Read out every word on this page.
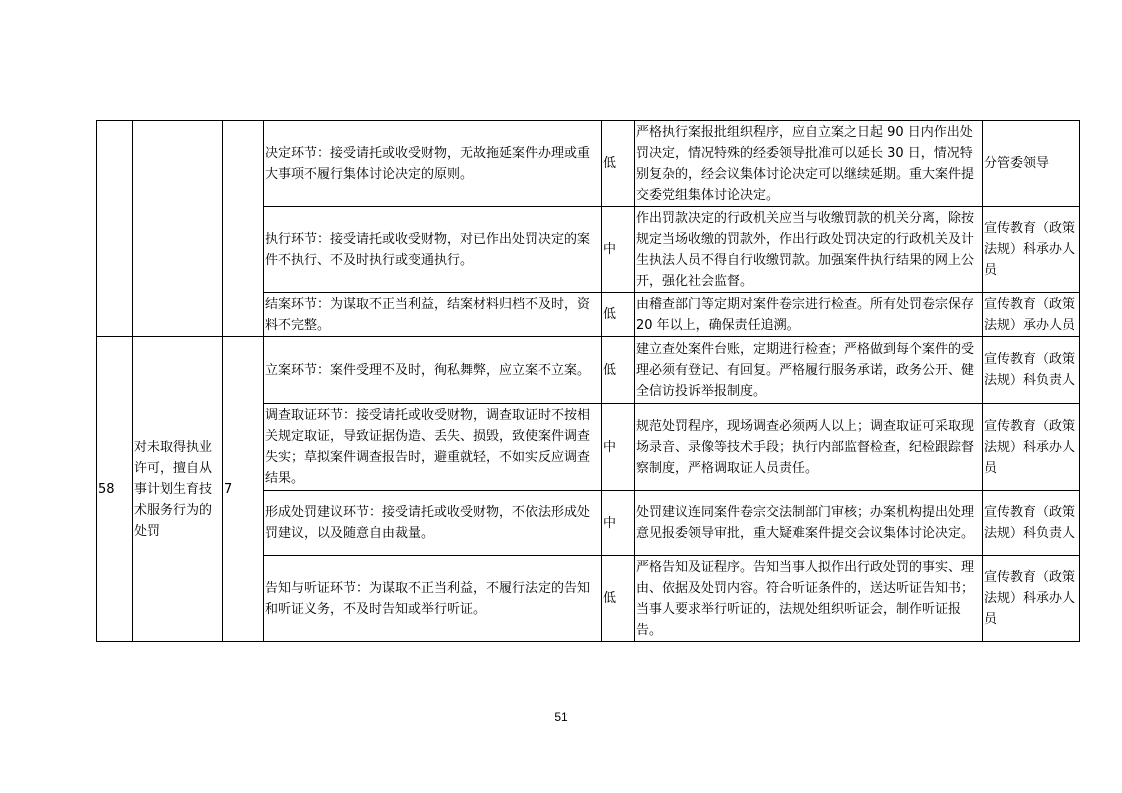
			决定环节：接受请托或收受财物，无故拖延案件办理或重大事项不履行集体讨论决定的原则。	低	严格执行案报批组织程序，应自立案之日起 90 日内作出处罚决定，情况特殊的经委领导批准可以延长 30 日，情况特别复杂的，经会议集体讨论决定可以继续延期。重大案件提交委党组集体讨论决定。	分管委领导
			执行环节：接受请托或收受财物，对已作出处罚决定的案件不执行、不及时执行或变通执行。	中	作出罚款决定的行政机关应当与收缴罚款的机关分离，除按规定当场收缴的罚款外，作出行政处罚决定的行政机关及计生执法人员不得自行收缴罚款。加强案件执行结果的网上公开，强化社会监督。	宣传教育（政策法规）科承办人员
			结案环节：为谋取不正当利益，结案材料归档不及时，资料不完整。	低	由稽查部门等定期对案件卷宗进行检查。所有处罚卷宗保存 20 年以上，确保责任追溯。	宣传教育（政策法规）承办人员
58	对未取得执业许可，擅自从事计划生育技术服务行为的处罚	7	立案环节：案件受理不及时，徇私舞弊，应立案不立案。	低	建立查处案件台账，定期进行检查；严格做到每个案件的受理必须有登记、有回复。严格履行服务承诺，政务公开、健全信访投诉举报制度。	宣传教育（政策法规）科负责人
			调查取证环节：接受请托或收受财物，调查取证时不按相关规定取证，导致证据伪造、丢失、损毁，致使案件调查失实；草拟案件调查报告时，避重就轻，不如实反应调查结果。	中	规范处罚程序，现场调查必须两人以上；调查取证可采取现场录音、录像等技术手段；执行内部监督检查，纪检跟踪督察制度，严格调取证人员责任。	宣传教育（政策法规）科承办人员
			形成处罚建议环节：接受请托或收受财物，不依法形成处罚建议，以及随意自由裁量。	中	处罚建议连同案件卷宗交法制部门审核；办案机构提出处理意见报委领导审批，重大疑难案件提交会议集体讨论决定。	宣传教育（政策法规）科负责人
			告知与听证环节：为谋取不正当利益，不履行法定的告知和听证义务，不及时告知或举行听证。	低	严格告知及证程序。告知当事人拟作出行政处罚的事实、理由、依据及处罚内容。符合听证条件的，送达听证告知书；当事人要求举行听证的，法规处组织听证会，制作听证报告。	宣传教育（政策法规）科承办人员
51
